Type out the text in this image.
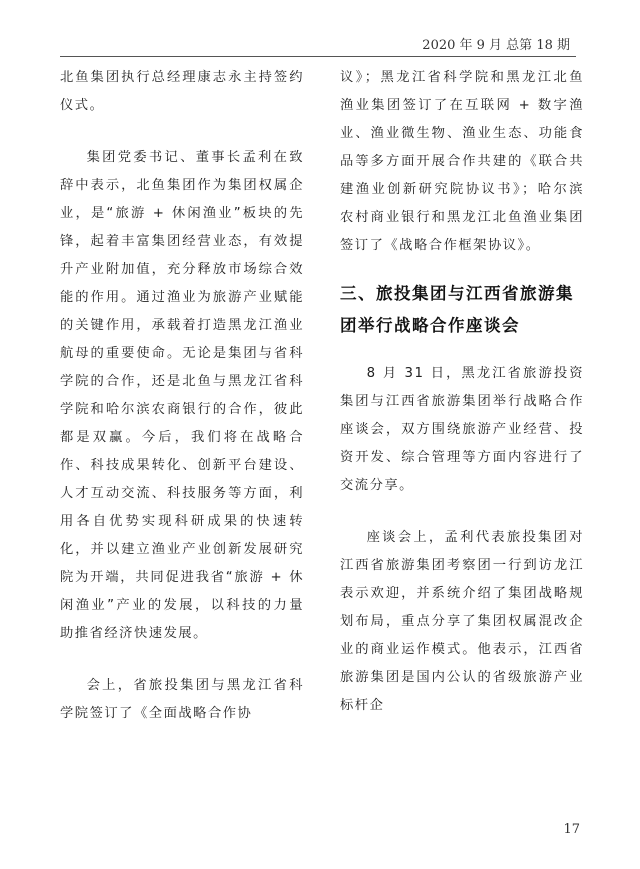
2020 年 9 月 总第 18 期

北鱼集团执行总经理康志永主持签约仪式。

集团党委书记、董事长孟利在致辞中表示，北鱼集团作为集团权属企业，是“旅游 + 休闲渔业”板块的先锋，起着丰富集团经营业态，有效提升产业附加值，充分释放市场综合效能的作用。通过渔业为旅游产业赋能的关键作用，承载着打造黑龙江渔业航母的重要使命。无论是集团与省科学院的合作，还是北鱼与黑龙江省科学院和哈尔滨农商银行的合作，彼此都是双赢。今后，我们将在战略合作、科技成果转化、创新平台建设、人才互动交流、科技服务等方面，利用各自优势实现科研成果的快速转化，并以建立渔业产业创新发展研究院为开端，共同促进我省“旅游 + 休闲渔业”产业的发展，以科技的力量助推省经济快速发展。

会上，省旅投集团与黑龙江省科学院签订了《全面战略合作协

议》；黑龙江省科学院和黑龙江北鱼渔业集团签订了在互联网 + 数字渔业、渔业微生物、渔业生态、功能食品等多方面开展合作共建的《联合共建渔业创新研究院协议书》；哈尔滨农村商业银行和黑龙江北鱼渔业集团签订了《战略合作框架协议》。

三、旅投集团与江西省旅游集团举行战略合作座谈会

8 月 31 日，黑龙江省旅游投资集团与江西省旅游集团举行战略合作座谈会，双方围绕旅游产业经营、投资开发、综合管理等方面内容进行了交流分享。

座谈会上，孟利代表旅投集团对江西省旅游集团考察团一行到访龙江表示欢迎，并系统介绍了集团战略规划布局，重点分享了集团权属混改企业的商业运作模式。他表示，江西省旅游集团是国内公认的省级旅游产业标杆企

17
